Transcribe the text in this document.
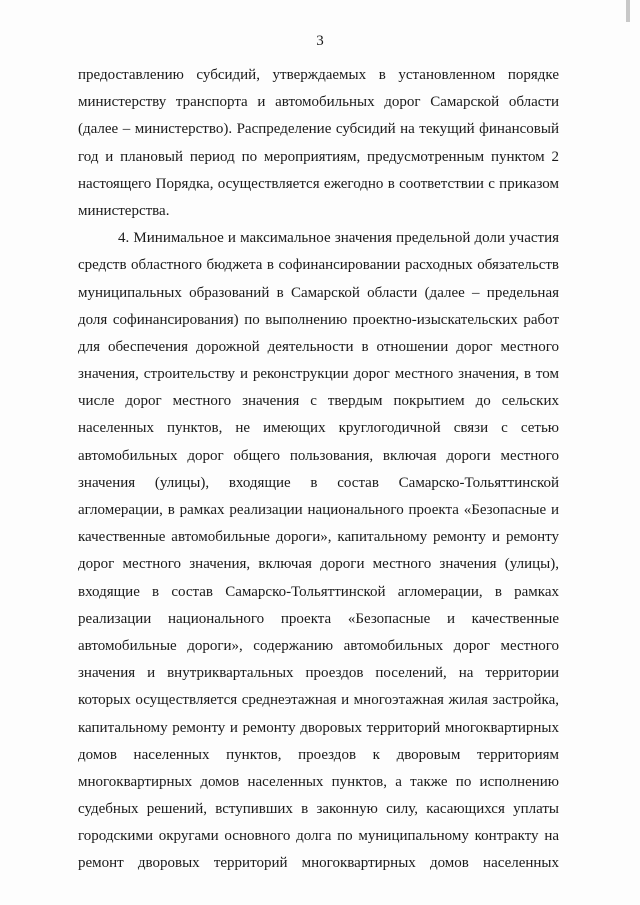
3
предоставлению субсидий, утверждаемых в установленном порядке
министерству транспорта и автомобильных дорог Самарской области
(далее – министерство). Распределение субсидий на текущий финансовый
год и плановый период по мероприятиям, предусмотренным пунктом 2
настоящего Порядка, осуществляется ежегодно в соответствии с приказом
министерства.
4. Минимальное и максимальное значения предельной доли участия
средств областного бюджета в софинансировании расходных обязательств
муниципальных образований в Самарской области (далее – предельная
доля софинансирования) по выполнению проектно-изыскательских работ
для обеспечения дорожной деятельности в отношении дорог местного
значения, строительству и реконструкции дорог местного значения, в том
числе дорог местного значения с твердым покрытием до сельских
населенных пунктов, не имеющих круглогодичной связи с сетью
автомобильных дорог общего пользования, включая дороги местного
значения (улицы), входящие в состав Самарско-Тольяттинской
агломерации, в рамках реализации национального проекта «Безопасные и
качественные автомобильные дороги», капитальному ремонту и ремонту
дорог местного значения, включая дороги местного значения (улицы),
входящие в состав Самарско-Тольяттинской агломерации, в рамках
реализации национального проекта «Безопасные и качественные
автомобильные дороги», содержанию автомобильных дорог местного
значения и внутриквартальных проездов поселений, на территории
которых осуществляется среднеэтажная и многоэтажная жилая застройка,
капитальному ремонту и ремонту дворовых территорий многоквартирных
домов населенных пунктов, проездов к дворовым территориям
многоквартирных домов населенных пунктов, а также по исполнению
судебных решений, вступивших в законную силу, касающихся уплаты
городскими округами основного долга по муниципальному контракту на
ремонт дворовых территорий многоквартирных домов населенных
